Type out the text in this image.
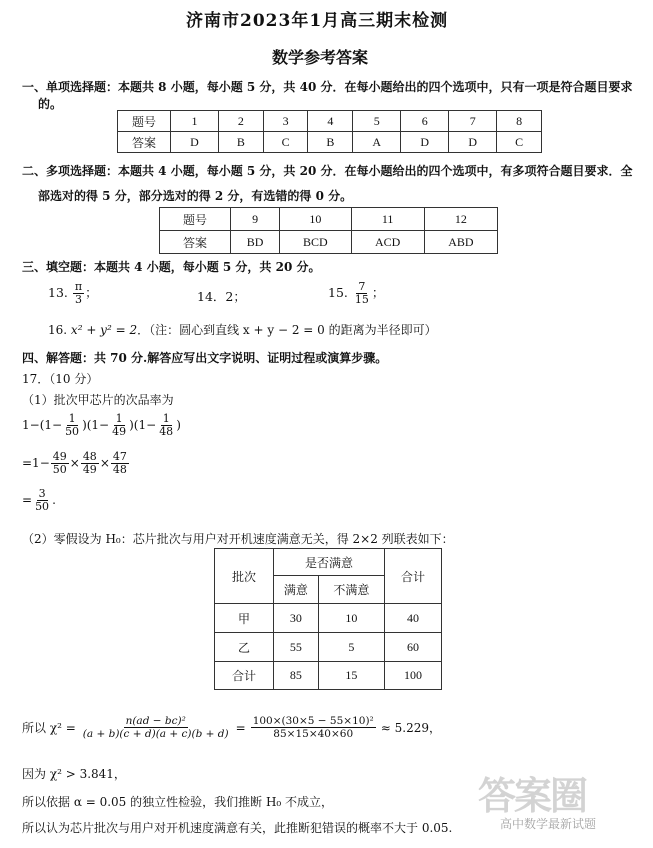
济南市2023年1月高三期末检测
数学参考答案
一、单项选择题：本题共 8 小题，每小题 5 分，共 40 分．在每小题给出的四个选项中，只有一项是符合题目要求
的。
题号	1	2	3	4	5	6	7	8
答案	D	B	C	B	A	D	D	C
二、多项选择题：本题共 4 小题，每小题 5 分，共 20 分．在每小题给出的四个选项中，有多项符合题目要求．全
部选对的得 5 分，部分选对的得 2 分，有选错的得 0 分。
题号	9	10	11	12
答案	BD	BCD	ACD	ABD
三、填空题：本题共 4 小题，每小题 5 分，共 20 分。
13. $\frac{\pi}{3}$ ；	14．2；	15. $\frac{7}{15}$ ；
16. x² + y² = 2．（注：圆心到直线 x + y − 2 = 0 的距离为半径即可）
四、解答题：共 70 分.解答应写出文字说明、证明过程或演算步骤。
17．（10 分）
（1）批次甲芯片的次品率为
$1-(1- \frac{1}{50} )(1- \frac{1}{49} )(1- \frac{1}{48}$ )
$=1- \frac{49}{50} \times \frac{48}{49} \times \frac{47}{48}$
= $\frac{3}{50}$ .
（2）零假设为 H₀：芯片批次与用户对开机速度满意无关，得 2×2 列联表如下：
批次	是否满意		合计
	满意	不满意	
甲	30	10	40
乙	55	5	60
合计	85	15	100
所以 $\chi^2 = \frac{\text{n(ad − bc)²}}{(a + b)(c + d)(a + c)(b + d)} = \frac{\text{100×(30×5 − 55×10)²}}{85\times 15\times 40\times 60} \approx 5.229$，
因为 χ² > 3.841，
所以依据 α = 0.05 的独立性检验，我们推断 H₀ 不成立，
所以认为芯片批次与用户对开机速度满意有关，此推断犯错误的概率不大于 0.05.
答案圈
高中数学最新试题
